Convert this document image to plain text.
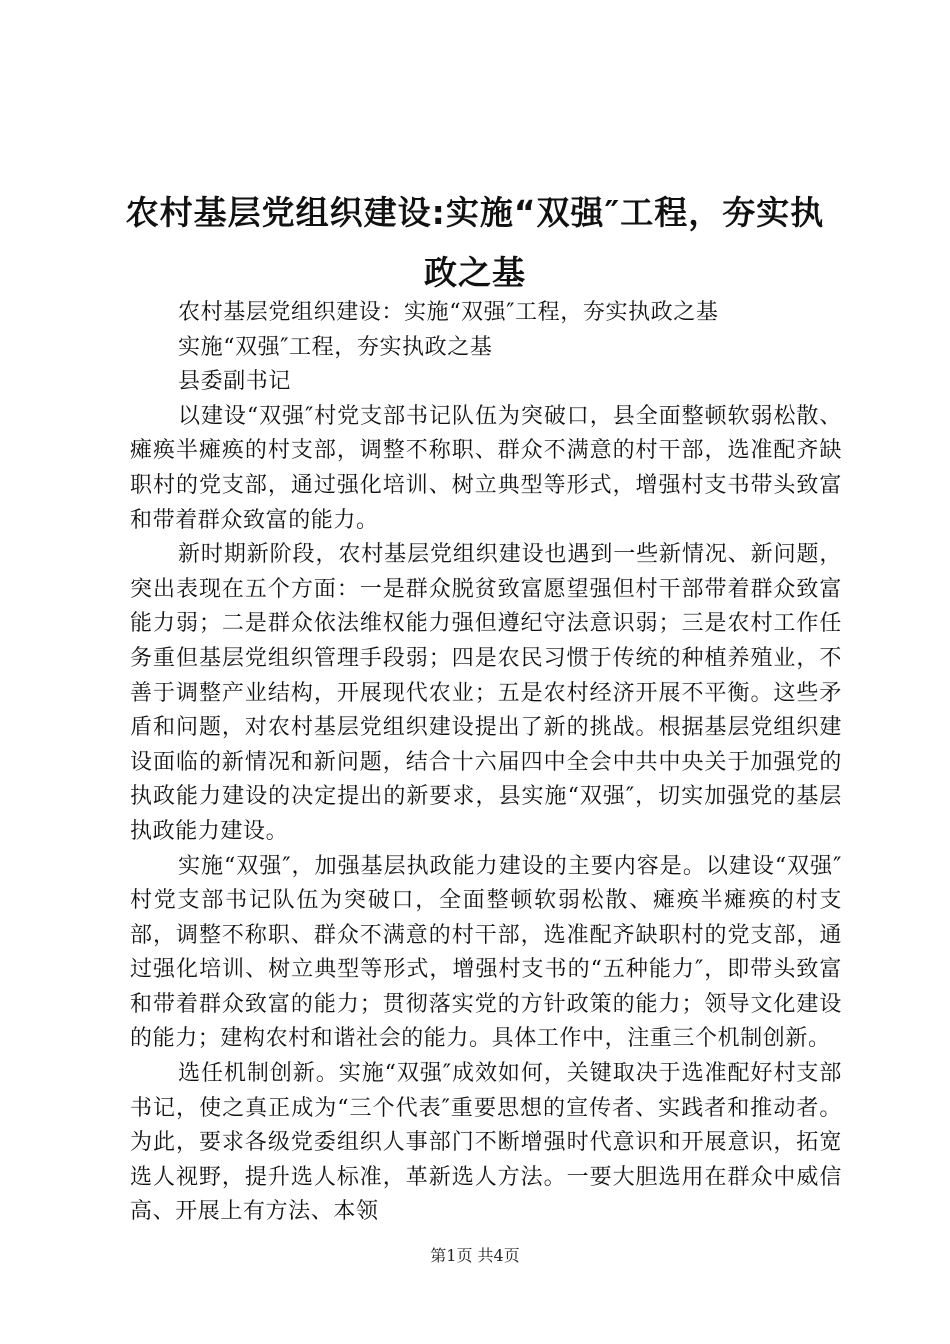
农村基层党组织建设:实施“双强″工程，夯实执政之基

农村基层党组织建设：实施“双强″工程，夯实执政之基

实施“双强″工程，夯实执政之基

县委副书记

以建设“双强″村党支部书记队伍为突破口，县全面整顿软弱松散、瘫痪半瘫痪的村支部，调整不称职、群众不满意的村干部，选准配齐缺职村的党支部，通过强化培训、树立典型等形式，增强村支书带头致富和带着群众致富的能力。

新时期新阶段，农村基层党组织建设也遇到一些新情况、新问题，突出表现在五个方面：一是群众脱贫致富愿望强但村干部带着群众致富能力弱；二是群众依法维权能力强但遵纪守法意识弱；三是农村工作任务重但基层党组织管理手段弱；四是农民习惯于传统的种植养殖业，不善于调整产业结构，开展现代农业；五是农村经济开展不平衡。这些矛盾和问题，对农村基层党组织建设提出了新的挑战。根据基层党组织建设面临的新情况和新问题，结合十六届四中全会中共中央关于加强党的执政能力建设的决定提出的新要求，县实施“双强″，切实加强党的基层执政能力建设。

实施“双强″，加强基层执政能力建设的主要内容是。以建设“双强″村党支部书记队伍为突破口，全面整顿软弱松散、瘫痪半瘫痪的村支部，调整不称职、群众不满意的村干部，选准配齐缺职村的党支部，通过强化培训、树立典型等形式，增强村支书的“五种能力″，即带头致富和带着群众致富的能力；贯彻落实党的方针政策的能力；领导文化建设的能力；建构农村和谐社会的能力。具体工作中，注重三个机制创新。

选任机制创新。实施“双强″成效如何，关键取决于选准配好村支部书记，使之真正成为“三个代表″重要思想的宣传者、实践者和推动者。为此，要求各级党委组织人事部门不断增强时代意识和开展意识，拓宽选人视野，提升选人标准，革新选人方法。一要大胆选用在群众中威信高、开展上有方法、本领

第1页 共4页
